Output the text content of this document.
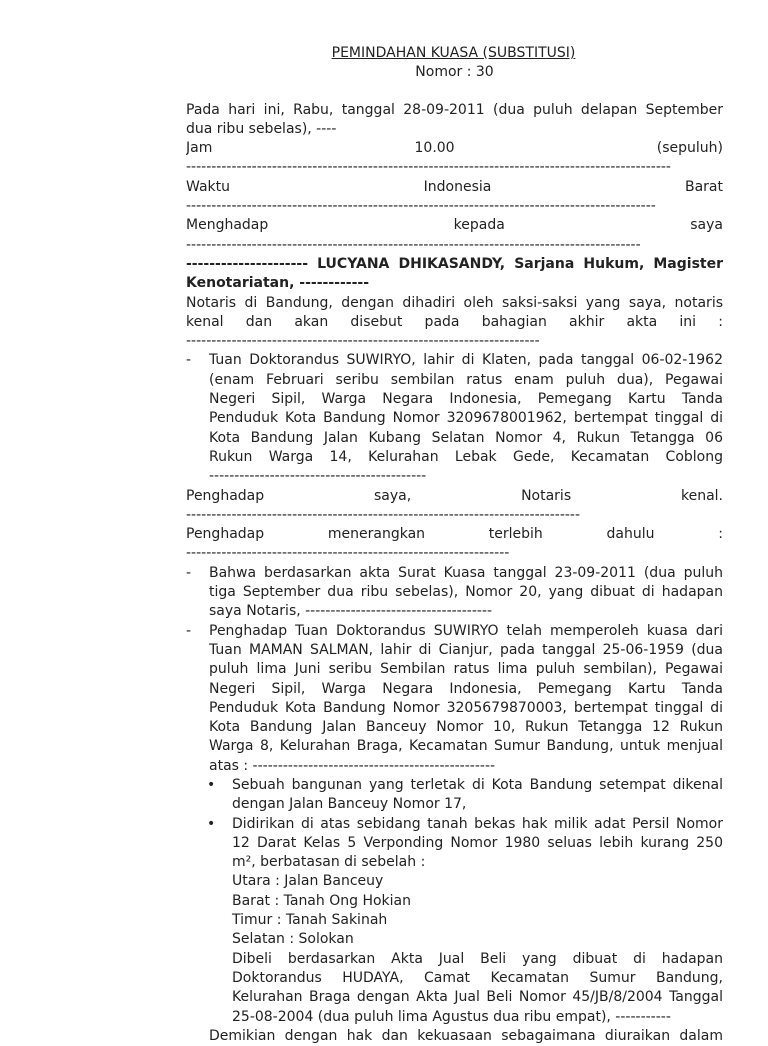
PEMINDAHAN KUASA (SUBSTITUSI)
Nomor : 30
Pada hari ini, Rabu, tanggal 28-09-2011 (dua puluh delapan September
dua ribu sebelas), ----
Jam 10.00 (sepuluh)
------------------------------------------------------------------------------------------------
Waktu Indonesia Barat
---------------------------------------------------------------------------------------------
Menghadap kepada saya
------------------------------------------------------------------------------------------
--------------------- LUCYANA DHIKASANDY, Sarjana Hukum, Magister
Kenotariatan, ------------
Notaris di Bandung, dengan dihadiri oleh saksi-saksi yang saya, notaris
kenal dan akan disebut pada bahagian akhir akta ini :
----------------------------------------------------------------------
- Tuan Doktorandus SUWIRYO, lahir di Klaten, pada tanggal 06-02-1962
(enam Februari seribu sembilan ratus enam puluh dua), Pegawai
Negeri Sipil, Warga Negara Indonesia, Pemegang Kartu Tanda
Penduduk Kota Bandung Nomor 3209678001962, bertempat tinggal di
Kota Bandung Jalan Kubang Selatan Nomor 4, Rukun Tetangga 06
Rukun Warga 14, Kelurahan Lebak Gede, Kecamatan Coblong
-------------------------------------------
Penghadap saya, Notaris kenal.
------------------------------------------------------------------------------
Penghadap menerangkan terlebih dahulu :
----------------------------------------------------------------
- Bahwa berdasarkan akta Surat Kuasa tanggal 23-09-2011 (dua puluh
tiga September dua ribu sebelas), Nomor 20, yang dibuat di hadapan
saya Notaris, -------------------------------------
- Penghadap Tuan Doktorandus SUWIRYO telah memperoleh kuasa dari
Tuan MAMAN SALMAN, lahir di Cianjur, pada tanggal 25-06-1959 (dua
puluh lima Juni seribu Sembilan ratus lima puluh sembilan), Pegawai
Negeri Sipil, Warga Negara Indonesia, Pemegang Kartu Tanda
Penduduk Kota Bandung Nomor 3205679870003, bertempat tinggal di
Kota Bandung Jalan Banceuy Nomor 10, Rukun Tetangga 12 Rukun
Warga 8, Kelurahan Braga, Kecamatan Sumur Bandung, untuk menjual
atas : ------------------------------------------------
• Sebuah bangunan yang terletak di Kota Bandung setempat dikenal
dengan Jalan Banceuy Nomor 17,
• Didirikan di atas sebidang tanah bekas hak milik adat Persil Nomor
12 Darat Kelas 5 Verponding Nomor 1980 seluas lebih kurang 250
m², berbatasan di sebelah :
Utara : Jalan Banceuy
Barat : Tanah Ong Hokian
Timur : Tanah Sakinah
Selatan : Solokan
Dibeli berdasarkan Akta Jual Beli yang dibuat di hadapan
Doktorandus HUDAYA, Camat Kecamatan Sumur Bandung,
Kelurahan Braga dengan Akta Jual Beli Nomor 45/JB/8/2004 Tanggal
25-08-2004 (dua puluh lima Agustus dua ribu empat), -----------
Demikian dengan hak dan kekuasaan sebagaimana diuraikan dalam
